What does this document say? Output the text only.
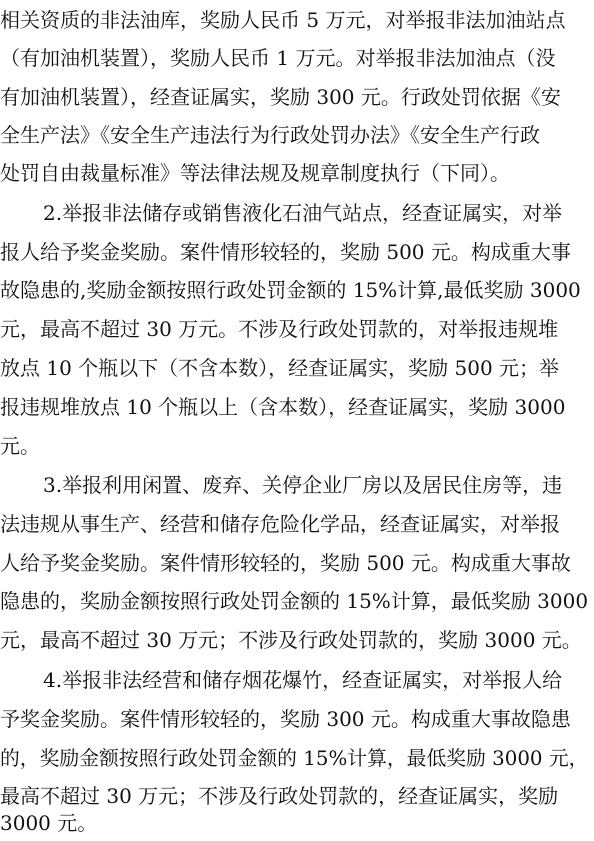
相关资质的非法油库，奖励人民币 5 万元，对举报非法加油站点
（有加油机装置），奖励人民币 1 万元。对举报非法加油点（没
有加油机装置），经查证属实，奖励 300 元。行政处罚依据《安
全生产法》《安全生产违法行为行政处罚办法》《安全生产行政
处罚自由裁量标准》等法律法规及规章制度执行（下同）。
2.举报非法储存或销售液化石油气站点，经查证属实，对举
报人给予奖金奖励。案件情形较轻的，奖励 500 元。构成重大事
故隐患的,奖励金额按照行政处罚金额的 15%计算,最低奖励 3000
元，最高不超过 30 万元。不涉及行政处罚款的，对举报违规堆
放点 10 个瓶以下（不含本数），经查证属实，奖励 500 元；举
报违规堆放点 10 个瓶以上（含本数），经查证属实，奖励 3000
元。
3.举报利用闲置、废弃、关停企业厂房以及居民住房等，违
法违规从事生产、经营和储存危险化学品，经查证属实，对举报
人给予奖金奖励。案件情形较轻的，奖励 500 元。构成重大事故
隐患的，奖励金额按照行政处罚金额的 15%计算，最低奖励 3000
元，最高不超过 30 万元；不涉及行政处罚款的，奖励 3000 元。
4.举报非法经营和储存烟花爆竹，经查证属实，对举报人给
予奖金奖励。案件情形较轻的，奖励 300 元。构成重大事故隐患
的，奖励金额按照行政处罚金额的 15%计算，最低奖励 3000 元，
最高不超过 30 万元；不涉及行政处罚款的，经查证属实，奖励
3000 元。
